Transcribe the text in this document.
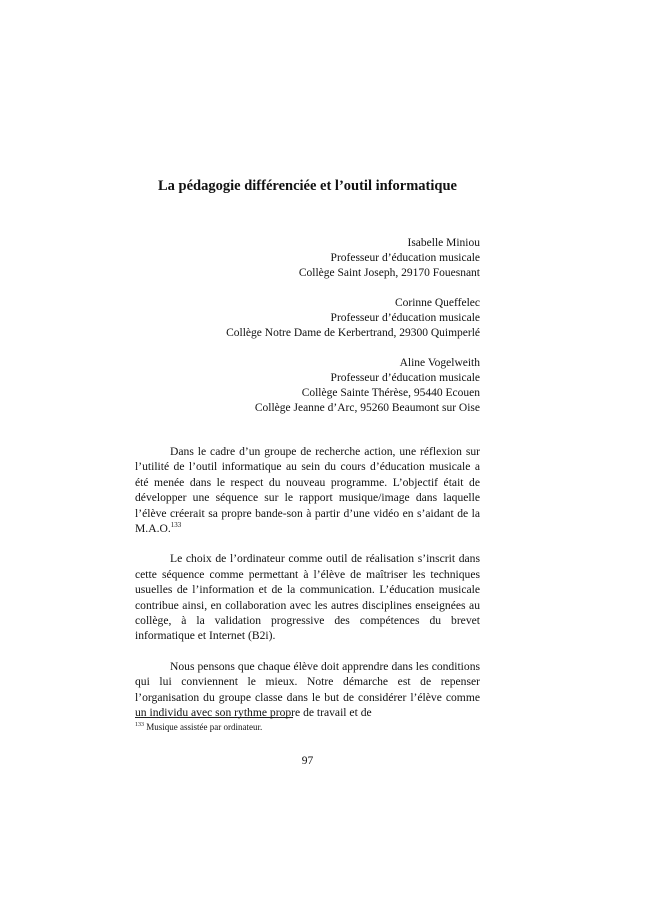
La pédagogie différenciée et l’outil informatique
Isabelle Miniou
Professeur d’éducation musicale
Collège Saint Joseph, 29170 Fouesnant
Corinne Queffelec
Professeur d’éducation musicale
Collège Notre Dame de Kerbertrand, 29300 Quimperlé
Aline Vogelweith
Professeur d’éducation musicale
Collège Sainte Thérèse, 95440 Ecouen
Collège Jeanne d’Arc, 95260 Beaumont sur Oise

Dans le cadre d’un groupe de recherche action, une réflexion sur l’utilité de l’outil informatique au sein du cours d’éducation musicale a été menée dans le respect du nouveau programme. L’objectif était de développer une séquence sur le rapport musique/image dans laquelle l’élève créerait sa propre bande-son à partir d’une vidéo en s’aidant de la M.A.O.$^{133}$

Le choix de l’ordinateur comme outil de réalisation s’inscrit dans cette séquence comme permettant à l’élève de maîtriser les techniques usuelles de l’information et de la communication. L’éducation musicale contribue ainsi, en collaboration avec les autres disciplines enseignées au collège, à la validation progressive des compétences du brevet informatique et Internet (B2i).

Nous pensons que chaque élève doit apprendre dans les conditions qui lui conviennent le mieux. Notre démarche est de repenser l’organisation du groupe classe dans le but de considérer l’élève comme un individu avec son rythme propre de travail et de

$^{133}$ Musique assistée par ordinateur.
97
